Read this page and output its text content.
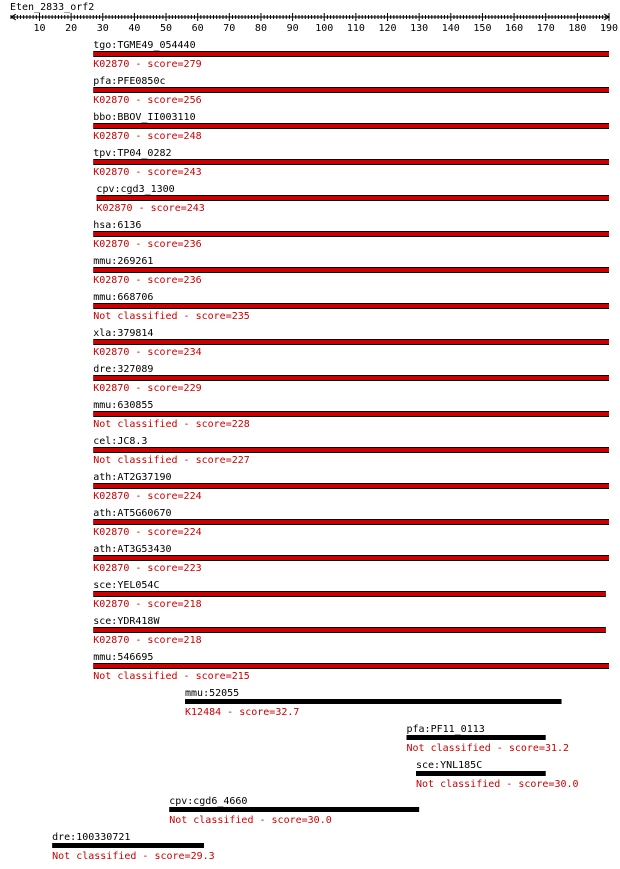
Eten_2833_orf2
10 20 30 40 50 60 70 80 90 100 110 120 130 140 150 160 170 180 190
tgo:TGME49_054440
K02870 - score=279
pfa:PFE0850c
K02870 - score=256
bbo:BBOV_II003110
K02870 - score=248
tpv:TP04_0282
K02870 - score=243
cpv:cgd3_1300
K02870 - score=243
hsa:6136
K02870 - score=236
mmu:269261
K02870 - score=236
mmu:668706
Not classified - score=235
xla:379814
K02870 - score=234
dre:327089
K02870 - score=229
mmu:630855
Not classified - score=228
cel:JC8.3
Not classified - score=227
ath:AT2G37190
K02870 - score=224
ath:AT5G60670
K02870 - score=224
ath:AT3G53430
K02870 - score=223
sce:YEL054C
K02870 - score=218
sce:YDR418W
K02870 - score=218
mmu:546695
Not classified - score=215
mmu:52055
K12484 - score=32.7
pfa:PF11_0113
Not classified - score=31.2
sce:YNL185C
Not classified - score=30.0
cpv:cgd6_4660
Not classified - score=30.0
dre:100330721
Not classified - score=29.3
